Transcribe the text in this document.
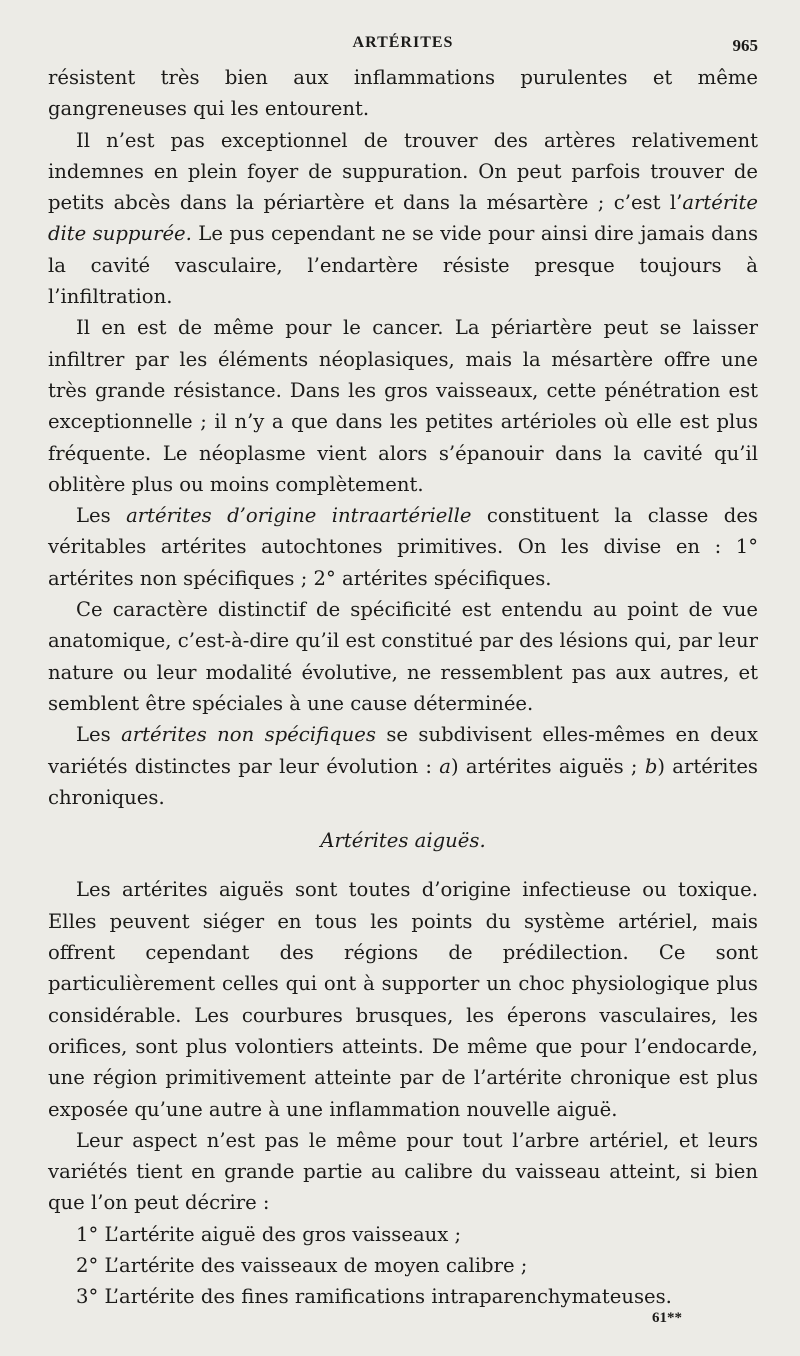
ARTÉRITES	965

résistent très bien aux inflammations purulentes et même gangreneuses qui les entourent.

Il n’est pas exceptionnel de trouver des artères relativement indemnes en plein foyer de suppuration. On peut parfois trouver de petits abcès dans la périartère et dans la mésartère ; c’est l’artérite dite suppurée. Le pus cependant ne se vide pour ainsi dire jamais dans la cavité vasculaire, l’endartère résiste presque toujours à l’infiltration.

Il en est de même pour le cancer. La périartère peut se laisser infiltrer par les éléments néoplasiques, mais la mésartère offre une très grande résistance. Dans les gros vaisseaux, cette pénétration est exceptionnelle ; il n’y a que dans les petites artérioles où elle est plus fréquente. Le néoplasme vient alors s’épanouir dans la cavité qu’il oblitère plus ou moins complètement.

Les artérites d’origine intraartérielle constituent la classe des véritables artérites autochtones primitives. On les divise en : 1° artérites non spécifiques ; 2° artérites spécifiques.

Ce caractère distinctif de spécificité est entendu au point de vue anatomique, c’est-à-dire qu’il est constitué par des lésions qui, par leur nature ou leur modalité évolutive, ne ressemblent pas aux autres, et semblent être spéciales à une cause déterminée.

Les artérites non spécifiques se subdivisent elles-mêmes en deux variétés distinctes par leur évolution : a) artérites aiguës ; b) artérites chroniques.

Artérites aiguës.

Les artérites aiguës sont toutes d’origine infectieuse ou toxique. Elles peuvent siéger en tous les points du système artériel, mais offrent cependant des régions de prédilection. Ce sont particulièrement celles qui ont à supporter un choc physiologique plus considérable. Les courbures brusques, les éperons vasculaires, les orifices, sont plus volontiers atteints. De même que pour l’endocarde, une région primitivement atteinte par de l’artérite chronique est plus exposée qu’une autre à une inflammation nouvelle aiguë.

Leur aspect n’est pas le même pour tout l’arbre artériel, et leurs variétés tient en grande partie au calibre du vaisseau atteint, si bien que l’on peut décrire :

1° L’artérite aiguë des gros vaisseaux ;
2° L’artérite des vaisseaux de moyen calibre ;
3° L’artérite des fines ramifications intraparenchymateuses.
61**
